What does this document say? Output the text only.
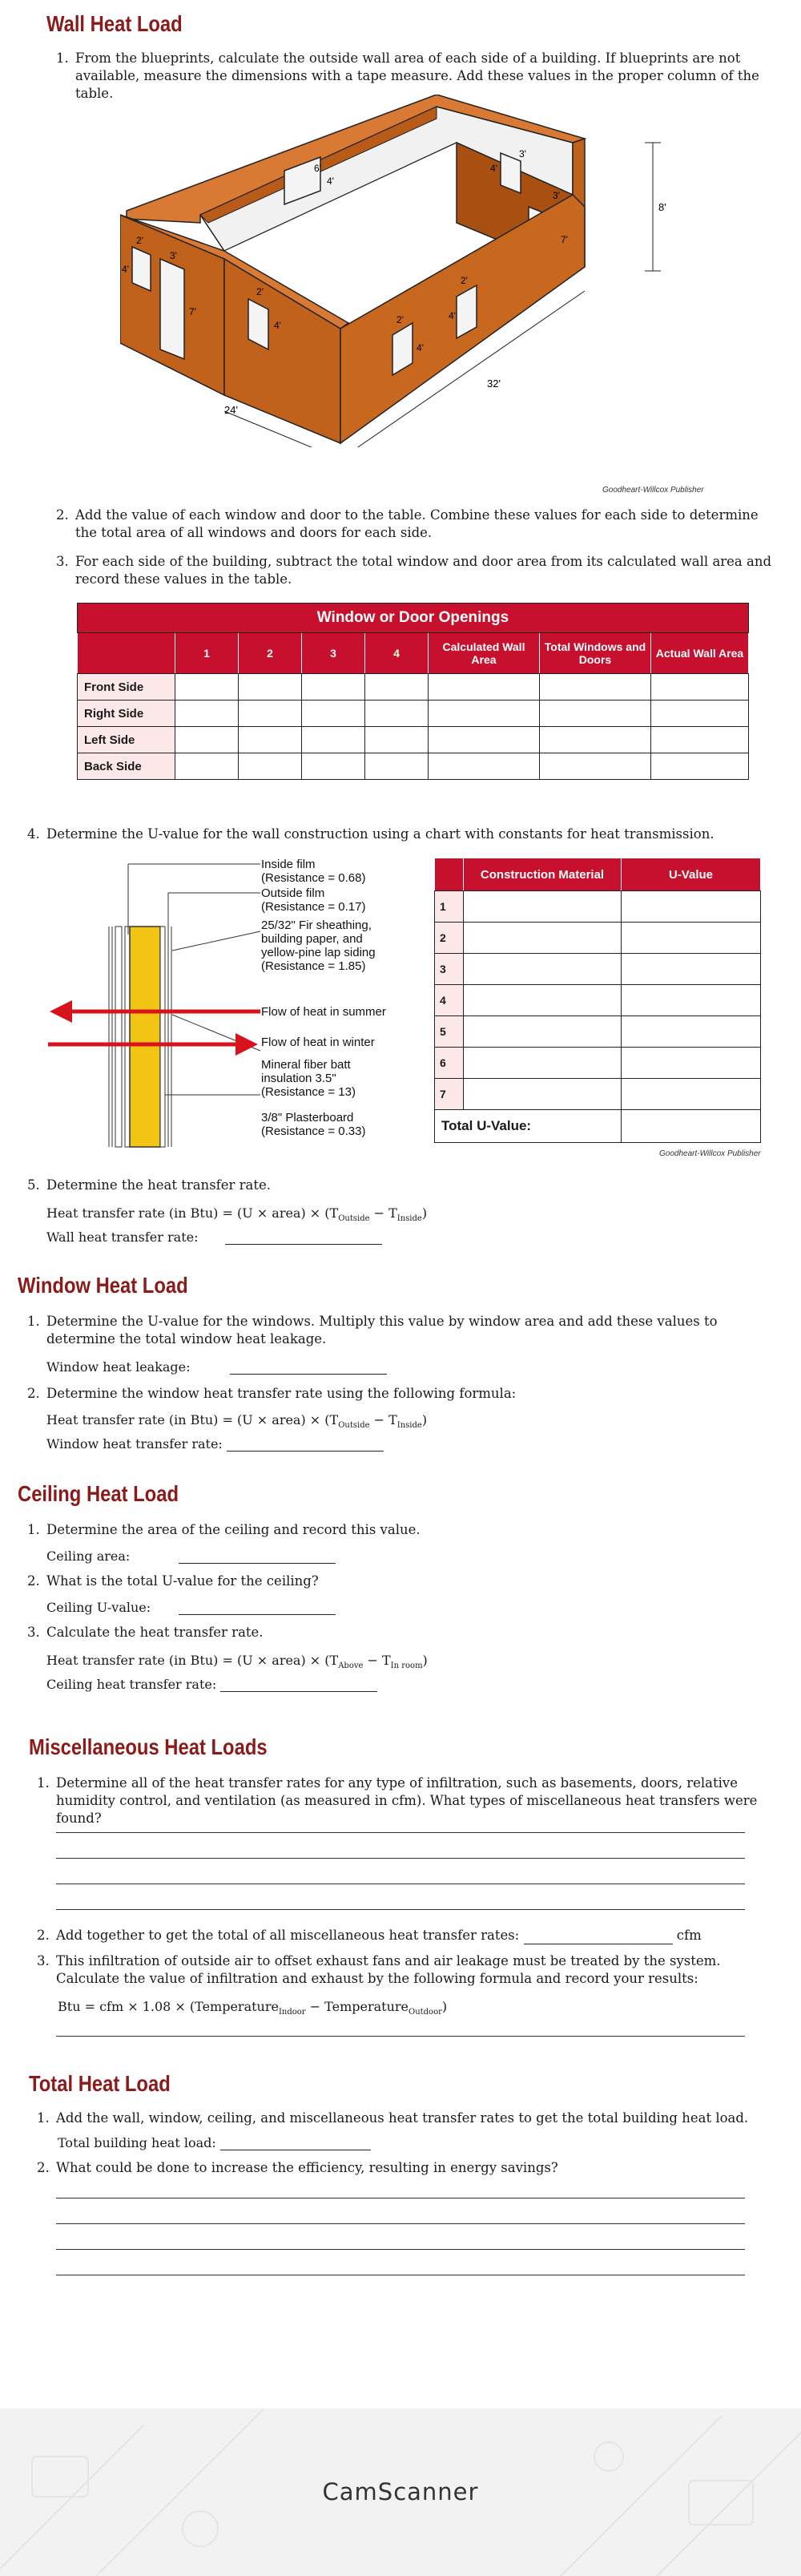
Wall Heat Load
1. From the blueprints, calculate the outside wall area of each side of a building. If blueprints are not available, measure the dimensions with a tape measure. Add these values in the proper column of the table.
24'
32'
8'
6'
4'
4'
3'
3'
7'
2'
4'
3'
7'
2'
4'	2'
4'
2'
4'
Goodheart-Willcox Publisher
2. Add the value of each window and door to the table. Combine these values for each side to determine the total area of all windows and doors for each side.
3. For each side of the building, subtract the total window and door area from its calculated wall area and record these values in the table.
Window or Door Openings							
	1	2	3	4	Calculated Wall Area	Total Windows and Doors	Actual Wall Area
Front Side							
Right Side							
Left Side							
Back Side							
4. Determine the U-value for the wall construction using a chart with constants for heat transmission.
Inside film
(Resistance = 0.68)
Outside film
(Resistance = 0.17)
25/32" Fir sheathing,
building paper, and
yellow-pine lap siding
(Resistance = 1.85)
Flow of heat in summer
Flow of heat in winter
Mineral fiber batt
insulation 3.5"
(Resistance = 13)
3/8" Plasterboard
(Resistance = 0.33)
	Construction Material	U-Value
1		
2		
3		
4		
5		
6		
7		
Total U-Value:		
Goodheart-Willcox Publisher
5. Determine the heat transfer rate.
Heat transfer rate (in Btu) = (U × area) × $(T_{Outside} - T_{Inside})$
Wall heat transfer rate:
Window Heat Load
1. Determine the U-value for the windows. Multiply this value by window area and add these values to determine the total window heat leakage.
Window heat leakage:
2. Determine the window heat transfer rate using the following formula:
Heat transfer rate (in Btu) = (U × area) × $(T_{Outside} - T_{Inside})$
Window heat transfer rate:
Ceiling Heat Load
1. Determine the area of the ceiling and record this value.
Ceiling area:
2. What is the total U-value for the ceiling?
Ceiling U-value:
3. Calculate the heat transfer rate.
Heat transfer rate (in Btu) = (U × area) × $(T_{Above} - T_{In room})$
Ceiling heat transfer rate:
Miscellaneous Heat Loads
1. Determine all of the heat transfer rates for any type of infiltration, such as basements, doors, relative humidity control, and ventilation (as measured in cfm). What types of miscellaneous heat transfers were found?
2. Add together to get the total of all miscellaneous heat transfer rates:	cfm
3. This infiltration of outside air to offset exhaust fans and air leakage must be treated by the system. Calculate the value of infiltration and exhaust by the following formula and record your results:
Btu = cfm × 1.08 × (Temperature$_{Indoor}$ − Temperature$_{Outdoor}$)
Total Heat Load
1. Add the wall, window, ceiling, and miscellaneous heat transfer rates to get the total building heat load.
Total building heat load:
2. What could be done to increase the efficiency, resulting in energy savings?
CamScanner
